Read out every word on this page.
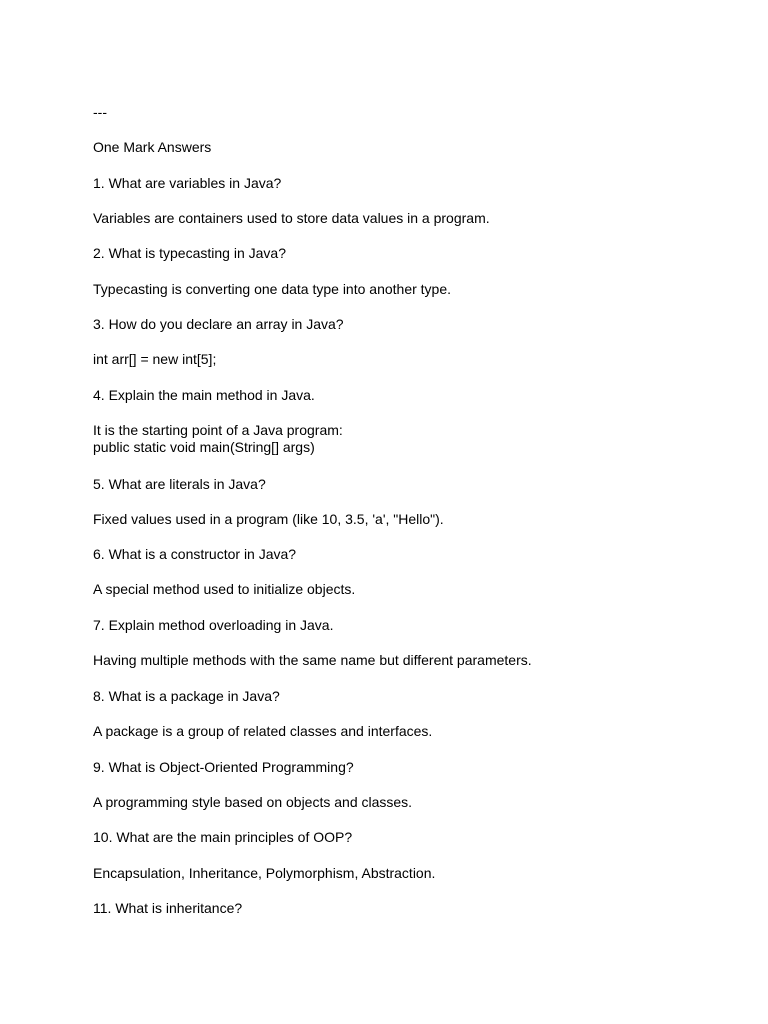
---

One Mark Answers

1. What are variables in Java?

Variables are containers used to store data values in a program.

2. What is typecasting in Java?

Typecasting is converting one data type into another type.

3. How do you declare an array in Java?

int arr[] = new int[5];

4. Explain the main method in Java.

It is the starting point of a Java program:

public static void main(String[] args)

5. What are literals in Java?

Fixed values used in a program (like 10, 3.5, 'a', "Hello").

6. What is a constructor in Java?

A special method used to initialize objects.

7. Explain method overloading in Java.

Having multiple methods with the same name but different parameters.

8. What is a package in Java?

A package is a group of related classes and interfaces.

9. What is Object-Oriented Programming?

A programming style based on objects and classes.

10. What are the main principles of OOP?

Encapsulation, Inheritance, Polymorphism, Abstraction.

11. What is inheritance?
